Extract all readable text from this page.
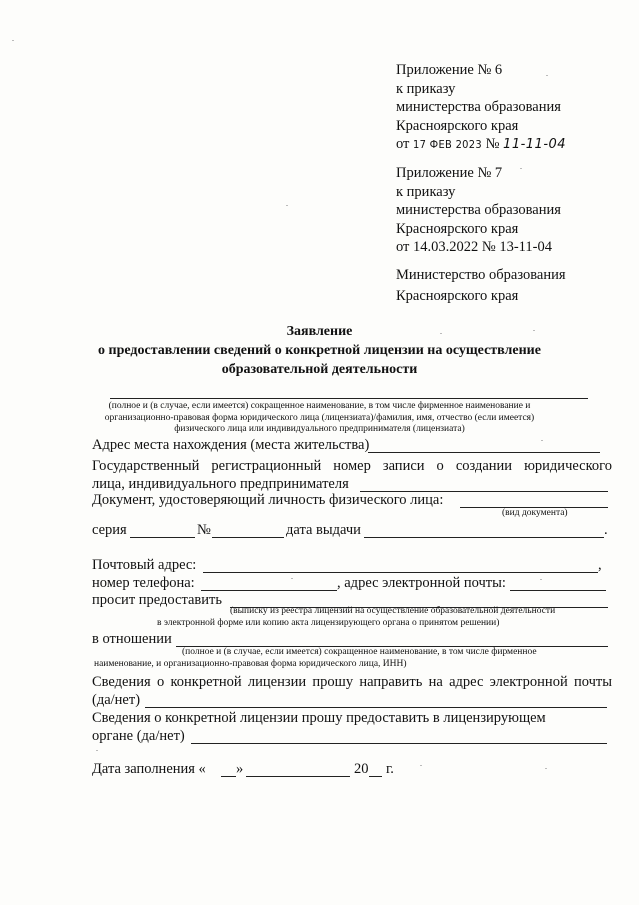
Приложение № 6
к приказу
министерства образования
Красноярского края
от 17 ФЕВ 2023 № 11-11-04
Приложение № 7
к приказу
министерства образования
Красноярского края
от 14.03.2022 № 13-11-04
Министерство образования
Красноярского края
Заявление
о предоставлении сведений о конкретной лицензии на осуществление
образовательной деятельности
(полное и (в случае, если имеется) сокращенное наименование, в том числе фирменное наименование и
организационно-правовая форма юридического лица (лицензиата)/фамилия, имя, отчество (если имеется)
физического лица или индивидуального предпринимателя (лицензиата)
Адрес места нахождения (места жительства)
Государственный регистрационный номер записи о создании юридического
лица, индивидуального предпринимателя
Документ, удостоверяющий личность физического лица:
(вид документа)
серия	№	дата выдачи	.
Почтовый адрес:	,
номер телефона:	, адрес электронной почты:
просит предоставить
(выписку из реестра лицензий на осуществление образовательной деятельности
в электронной форме или копию акта лицензирующего органа о принятом решении)
в отношении
(полное и (в случае, если имеется) сокращенное наименование, в том числе фирменное
наименование, и организационно-правовая форма юридического лица, ИНН)
Сведения о конкретной лицензии прошу направить на адрес электронной почты
(да/нет)
Сведения о конкретной лицензии прошу предоставить в лицензирующем
органе (да/нет)
Дата заполнения « »	20 г.
